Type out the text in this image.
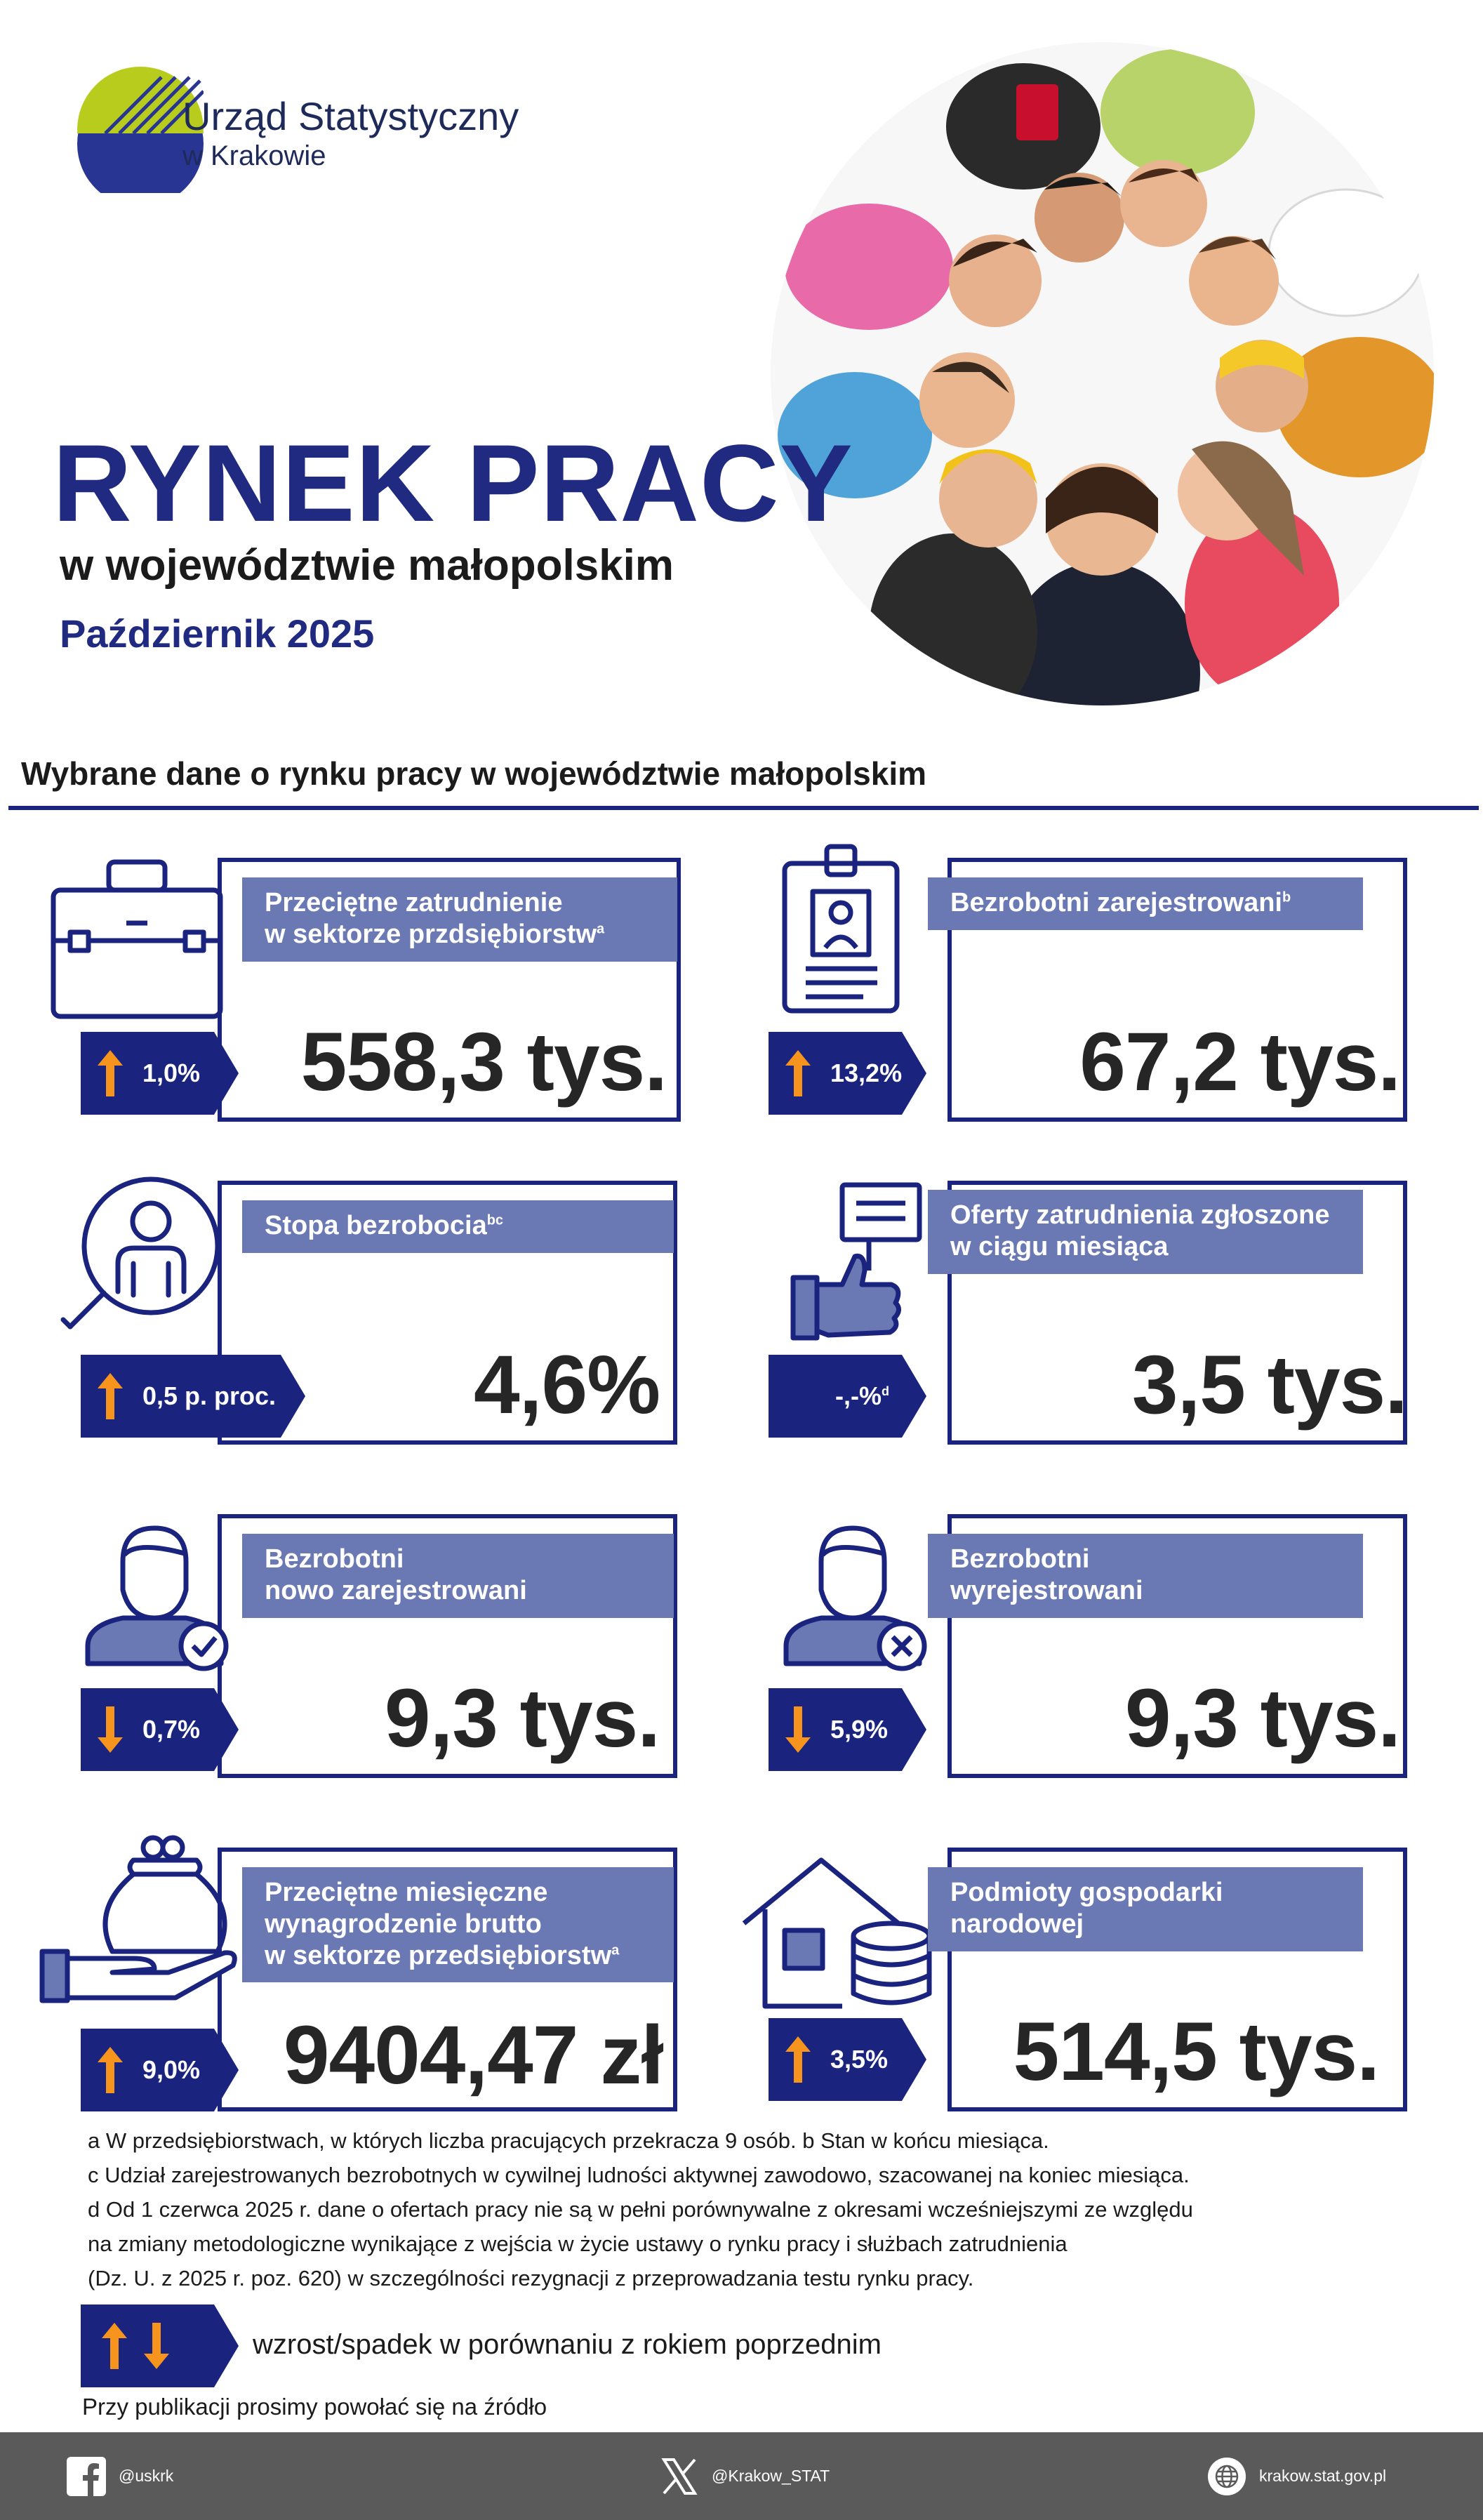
Urząd Statystyczny
w Krakowie
RYNEK PRACY
w województwie małopolskim
Październik 2025
Wybrane dane o rynku pracy w województwie małopolskim
Przeciętne zatrudnienie
w sektorze przdsiębiorstw$^a$
1,0% 558,3 tys.
Bezrobotni zarejestrowani$^b$
13,2% 67,2 tys.
Stopa bezrobocia$^{bc}$
0,5 p. proc. 4,6%
Oferty zatrudnienia zgłoszone
w ciągu miesiąca
-,-%$^d$	3,5 tys.
Bezrobotni
nowo zarejestrowani
0,7% 9,3 tys.
Bezrobotni
wyrejestrowani
5,9%	9,3 tys.
Przeciętne miesięczne
wynagrodzenie brutto
w sektorze przedsiębiorstw$^a$
9,0% 9404,47 zł
Podmioty gospodarki
narodowej
3,5% 514,5 tys.

a W przedsiębiorstwach, w których liczba pracujących przekracza 9 osób. b Stan w końcu miesiąca.

c Udział zarejestrowanych bezrobotnych w cywilnej ludności aktywnej zawodowo, szacowanej na koniec miesiąca.

d Od 1 czerwca 2025 r. dane o ofertach pracy nie są w pełni porównywalne z okresami wcześniejszymi ze względu

na zmiany metodologiczne wynikające z wejścia w życie ustawy o rynku pracy i służbach zatrudnienia

(Dz. U. z 2025 r. poz. 620) w szczególności rezygnacji z przeprowadzania testu rynku pracy.

wzrost/spadek w porównaniu z rokiem poprzednim
Przy publikacji prosimy powołać się na źródło
@uskrk	@Krakow_STAT	krakow.stat.gov.pl
